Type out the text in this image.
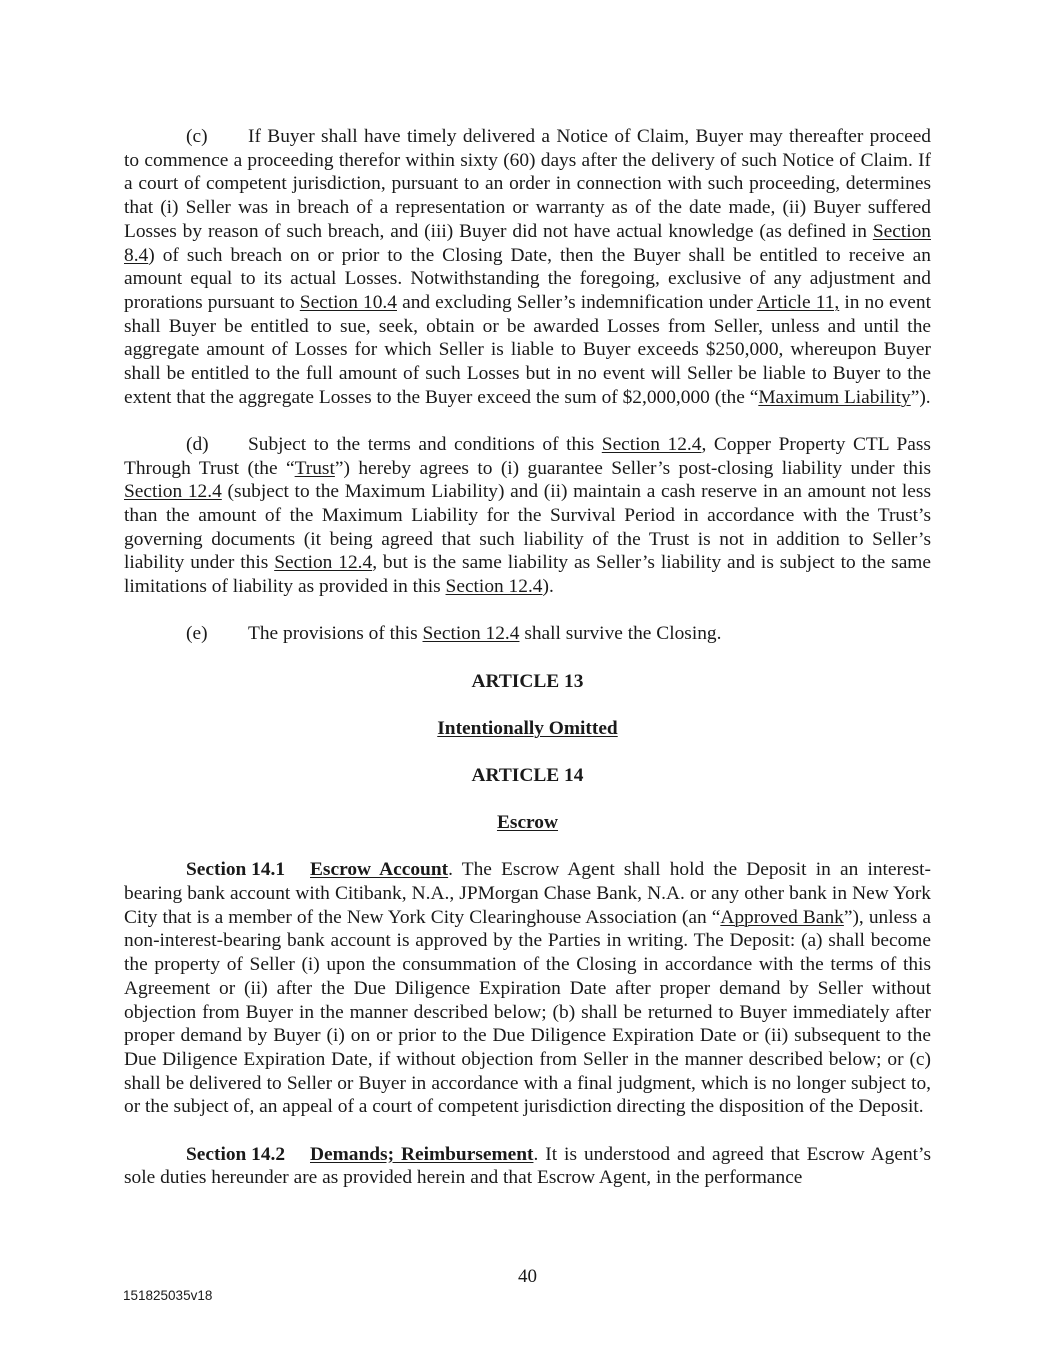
(c) If Buyer shall have timely delivered a Notice of Claim, Buyer may thereafter proceed to commence a proceeding therefor within sixty (60) days after the delivery of such Notice of Claim. If a court of competent jurisdiction, pursuant to an order in connection with such proceeding, determines that (i) Seller was in breach of a representation or warranty as of the date made, (ii) Buyer suffered Losses by reason of such breach, and (iii) Buyer did not have actual knowledge (as defined in Section 8.4) of such breach on or prior to the Closing Date, then the Buyer shall be entitled to receive an amount equal to its actual Losses. Notwithstanding the foregoing, exclusive of any adjustment and prorations pursuant to Section 10.4 and excluding Seller’s indemnification under Article 11, in no event shall Buyer be entitled to sue, seek, obtain or be awarded Losses from Seller, unless and until the aggregate amount of Losses for which Seller is liable to Buyer exceeds $250,000, whereupon Buyer shall be entitled to the full amount of such Losses but in no event will Seller be liable to Buyer to the extent that the aggregate Losses to the Buyer exceed the sum of $2,000,000 (the “Maximum Liability”).

(d) Subject to the terms and conditions of this Section 12.4, Copper Property CTL Pass Through Trust (the “Trust”) hereby agrees to (i) guarantee Seller’s post-closing liability under this Section 12.4 (subject to the Maximum Liability) and (ii) maintain a cash reserve in an amount not less than the amount of the Maximum Liability for the Survival Period in accordance with the Trust’s governing documents (it being agreed that such liability of the Trust is not in addition to Seller’s liability under this Section 12.4, but is the same liability as Seller’s liability and is subject to the same limitations of liability as provided in this Section 12.4).

(e) The provisions of this Section 12.4 shall survive the Closing.

ARTICLE 13

Intentionally Omitted

ARTICLE 14

Escrow

Section 14.1 Escrow Account. The Escrow Agent shall hold the Deposit in an interest-bearing bank account with Citibank, N.A., JPMorgan Chase Bank, N.A. or any other bank in New York City that is a member of the New York City Clearinghouse Association (an “Approved Bank”), unless a non-interest-bearing bank account is approved by the Parties in writing. The Deposit: (a) shall become the property of Seller (i) upon the consummation of the Closing in accordance with the terms of this Agreement or (ii) after the Due Diligence Expiration Date after proper demand by Seller without objection from Buyer in the manner described below; (b) shall be returned to Buyer immediately after proper demand by Buyer (i) on or prior to the Due Diligence Expiration Date or (ii) subsequent to the Due Diligence Expiration Date, if without objection from Seller in the manner described below; or (c) shall be delivered to Seller or Buyer in accordance with a final judgment, which is no longer subject to, or the subject of, an appeal of a court of competent jurisdiction directing the disposition of the Deposit.

Section 14.2 Demands; Reimbursement. It is understood and agreed that Escrow Agent’s sole duties hereunder are as provided herein and that Escrow Agent, in the performance

40
151825035v18
